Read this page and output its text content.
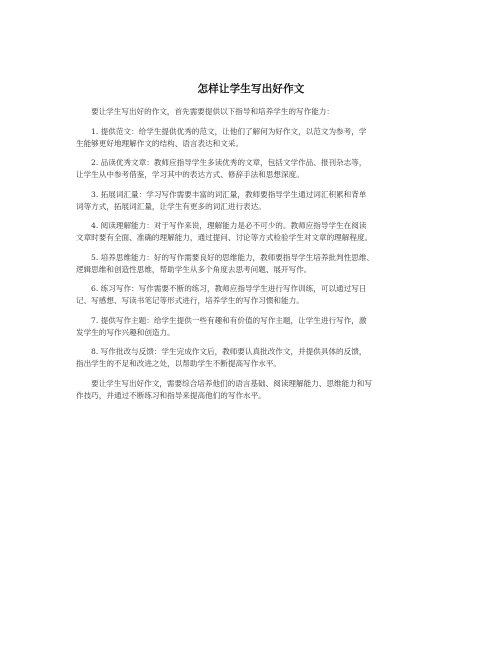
怎样让学生写出好作文

要让学生写出好的作文，首先需要提供以下指导和培养学生的写作能力：

1. 提供范文：给学生提供优秀的范文，让他们了解何为好作文，以范文为参考，学
生能够更好地理解作文的结构、语言表达和文采。

2. 品读优秀文章：教师应指导学生多读优秀的文章，包括文学作品、报刊杂志等，
让学生从中参考借鉴，学习其中的表达方式、修辞手法和思想深度。

3. 拓展词汇量：学习写作需要丰富的词汇量，教师要指导学生通过词汇积累和背单
词等方式，拓展词汇量，让学生有更多的词汇进行表达。

4. 阅读理解能力：对于写作来说，理解能力是必不可少的。教师应指导学生在阅读
文章时要有全面、准确的理解能力，通过提问、讨论等方式检验学生对文章的理解程度。

5. 培养思维能力：好的写作需要良好的思维能力，教师要指导学生培养批判性思维、
逻辑思维和创造性思维，帮助学生从多个角度去思考问题、展开写作。

6. 练习写作：写作需要不断的练习，教师应指导学生进行写作训练，可以通过写日
记、写感想、写读书笔记等形式进行，培养学生的写作习惯和能力。

7. 提供写作主题：给学生提供一些有趣和有价值的写作主题，让学生进行写作，激
发学生的写作兴趣和创造力。

8. 写作批改与反馈：学生完成作文后，教师要认真批改作文，并提供具体的反馈，
指出学生的不足和改进之处，以帮助学生不断提高写作水平。

要让学生写出好作文，需要综合培养他们的语言基础、阅读理解能力、思维能力和写
作技巧，并通过不断练习和指导来提高他们的写作水平。
